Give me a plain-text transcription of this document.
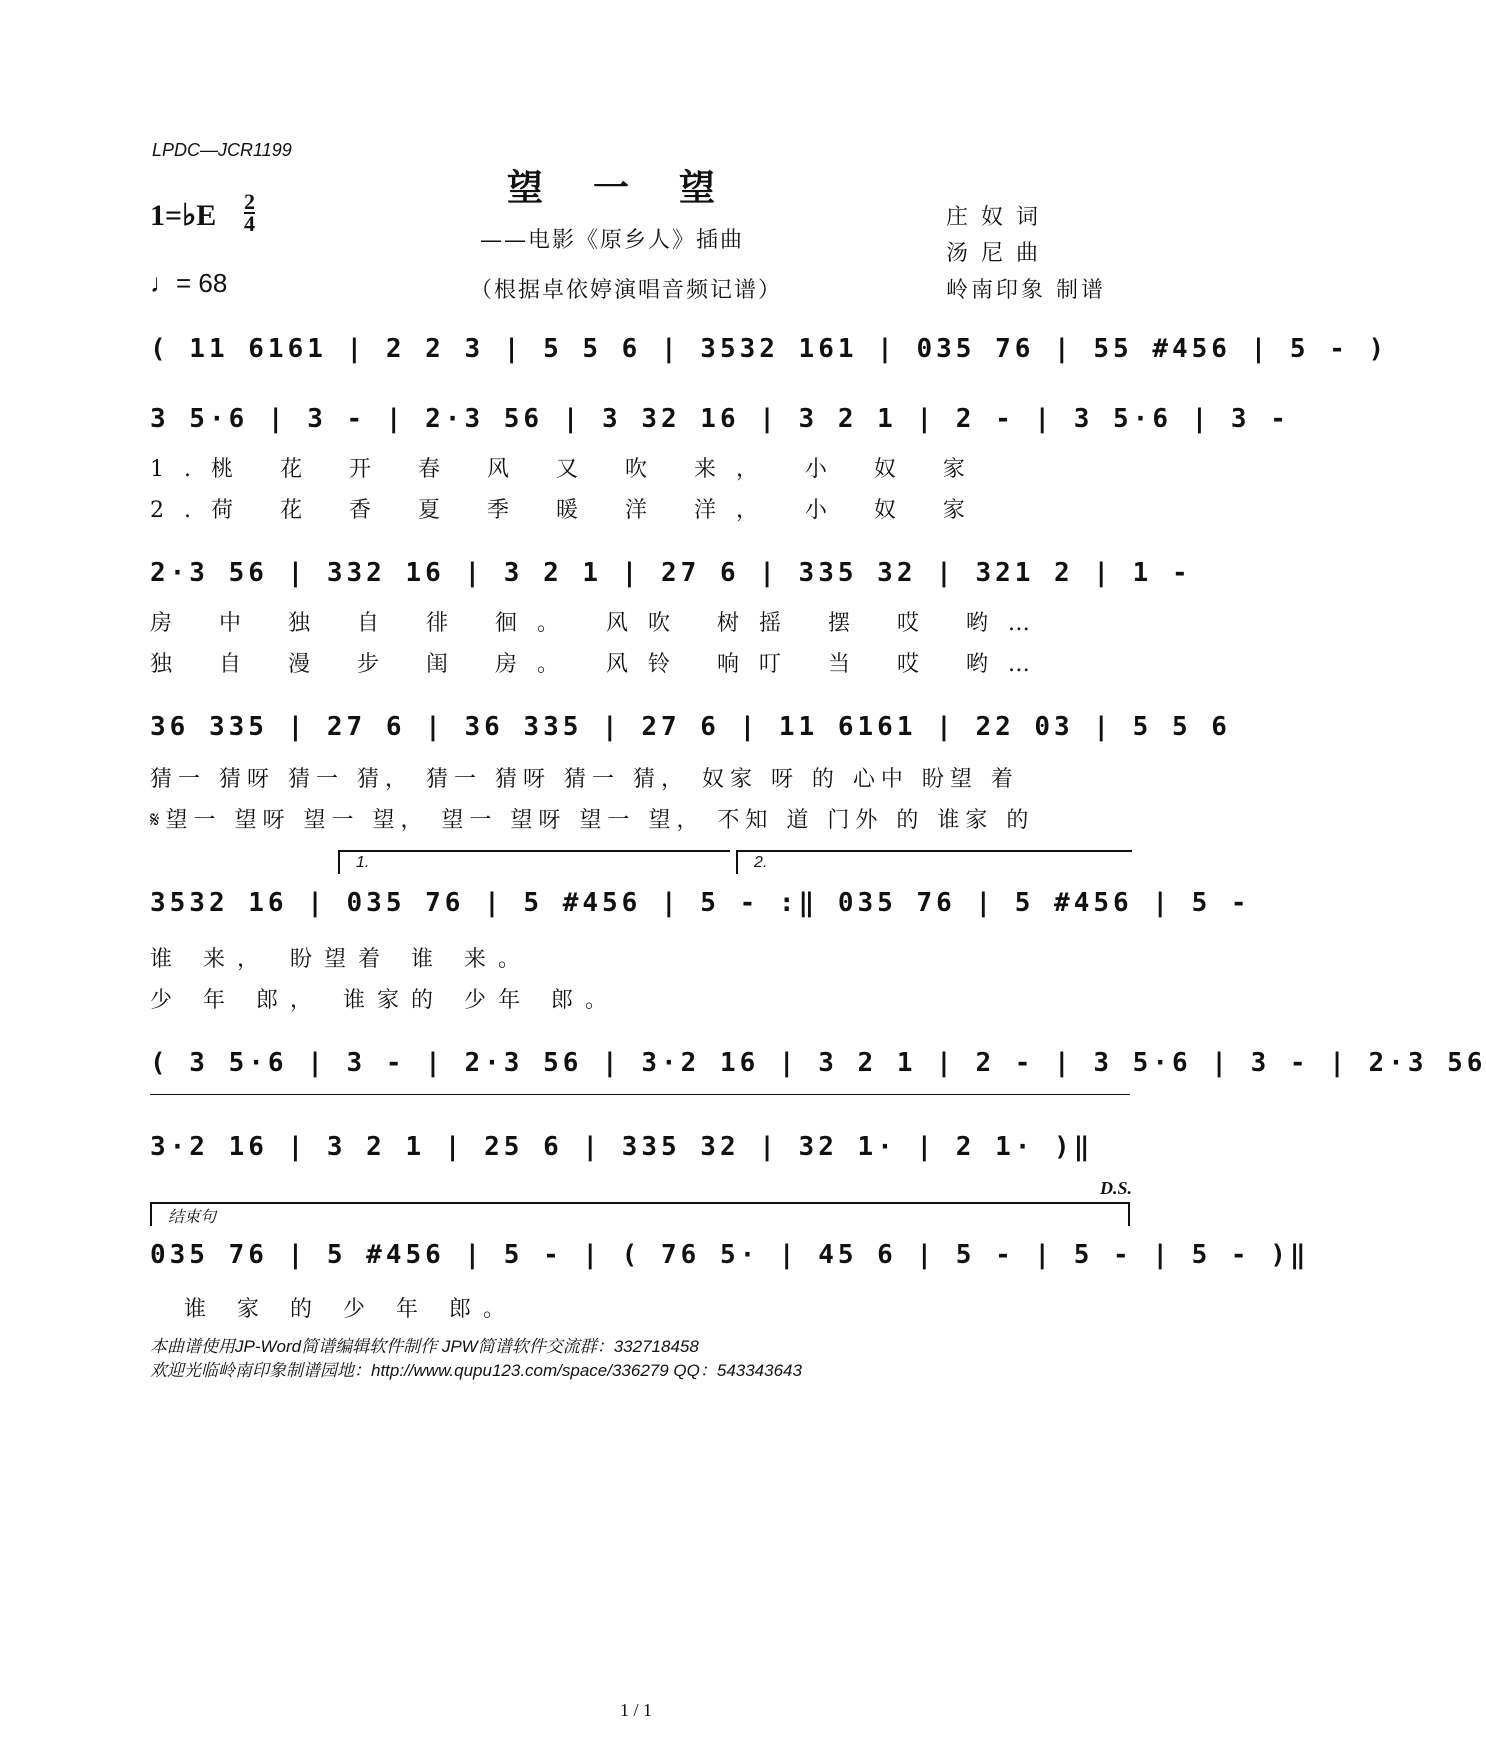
LPDC—JCR1199
望一望
——电影《原乡人》插曲
（根据卓依婷演唱音频记谱）
1=♭E 2
4
♩= 68
庄 奴 词
汤 尼 曲
岭南印象 制谱
( 11 6161 | 2 2 3 | 5 5 6 | 3532 161 | 035 76 | 55 #456 | 5 - )
3 5·6 | 3 - | 2·3 56 | 3 32 16 | 3 2 1 | 2 - | 3 5·6 | 3 -
1.桃 花 开 春 风 又 吹 来， 小 奴 家
2.荷 花 香 夏 季 暖 洋 洋， 小 奴 家
2·3 56 | 332 16 | 3 2 1 | 27 6 | 335 32 | 321 2 | 1 -
房 中 独 自 徘 徊。 风吹 树摇 摆 哎 哟…
独 自 漫 步 闺 房。 风铃 响叮 当 哎 哟…
36 335 | 27 6 | 36 335 | 27 6 | 11 6161 | 22 03 | 5 5 6
猜一 猜呀 猜一 猜， 猜一 猜呀 猜一 猜， 奴家 呀 的 心中 盼望 着
𝄋望一 望呀 望一 望， 望一 望呀 望一 望， 不知 道 门外 的 谁家 的
1.	2.
3532 16 | 035 76 | 5 #456 | 5 - :‖ 035 76 | 5 #456 | 5 -
谁 来， 盼望着 谁 来。
少 年 郎， 谁家的 少年 郎。
( 3 5·6 | 3 - | 2·3 56 | 3·2 16 | 3 2 1 | 2 - | 3 5·6 | 3 - | 2·3 56
3·2 16 | 3 2 1 | 25 6 | 335 32 | 32 1· | 2 1· )‖
D.S.
结束句
035 76 | 5 #456 | 5 - | ( 76 5· | 45 6 | 5 - | 5 - | 5 - )‖
谁 家 的 少 年 郎。
本曲谱使用JP-Word简谱编辑软件制作 JPW简谱软件交流群：332718458
欢迎光临岭南印象制谱园地：http://www.qupu123.com/space/336279 QQ：543343643
1 / 1
